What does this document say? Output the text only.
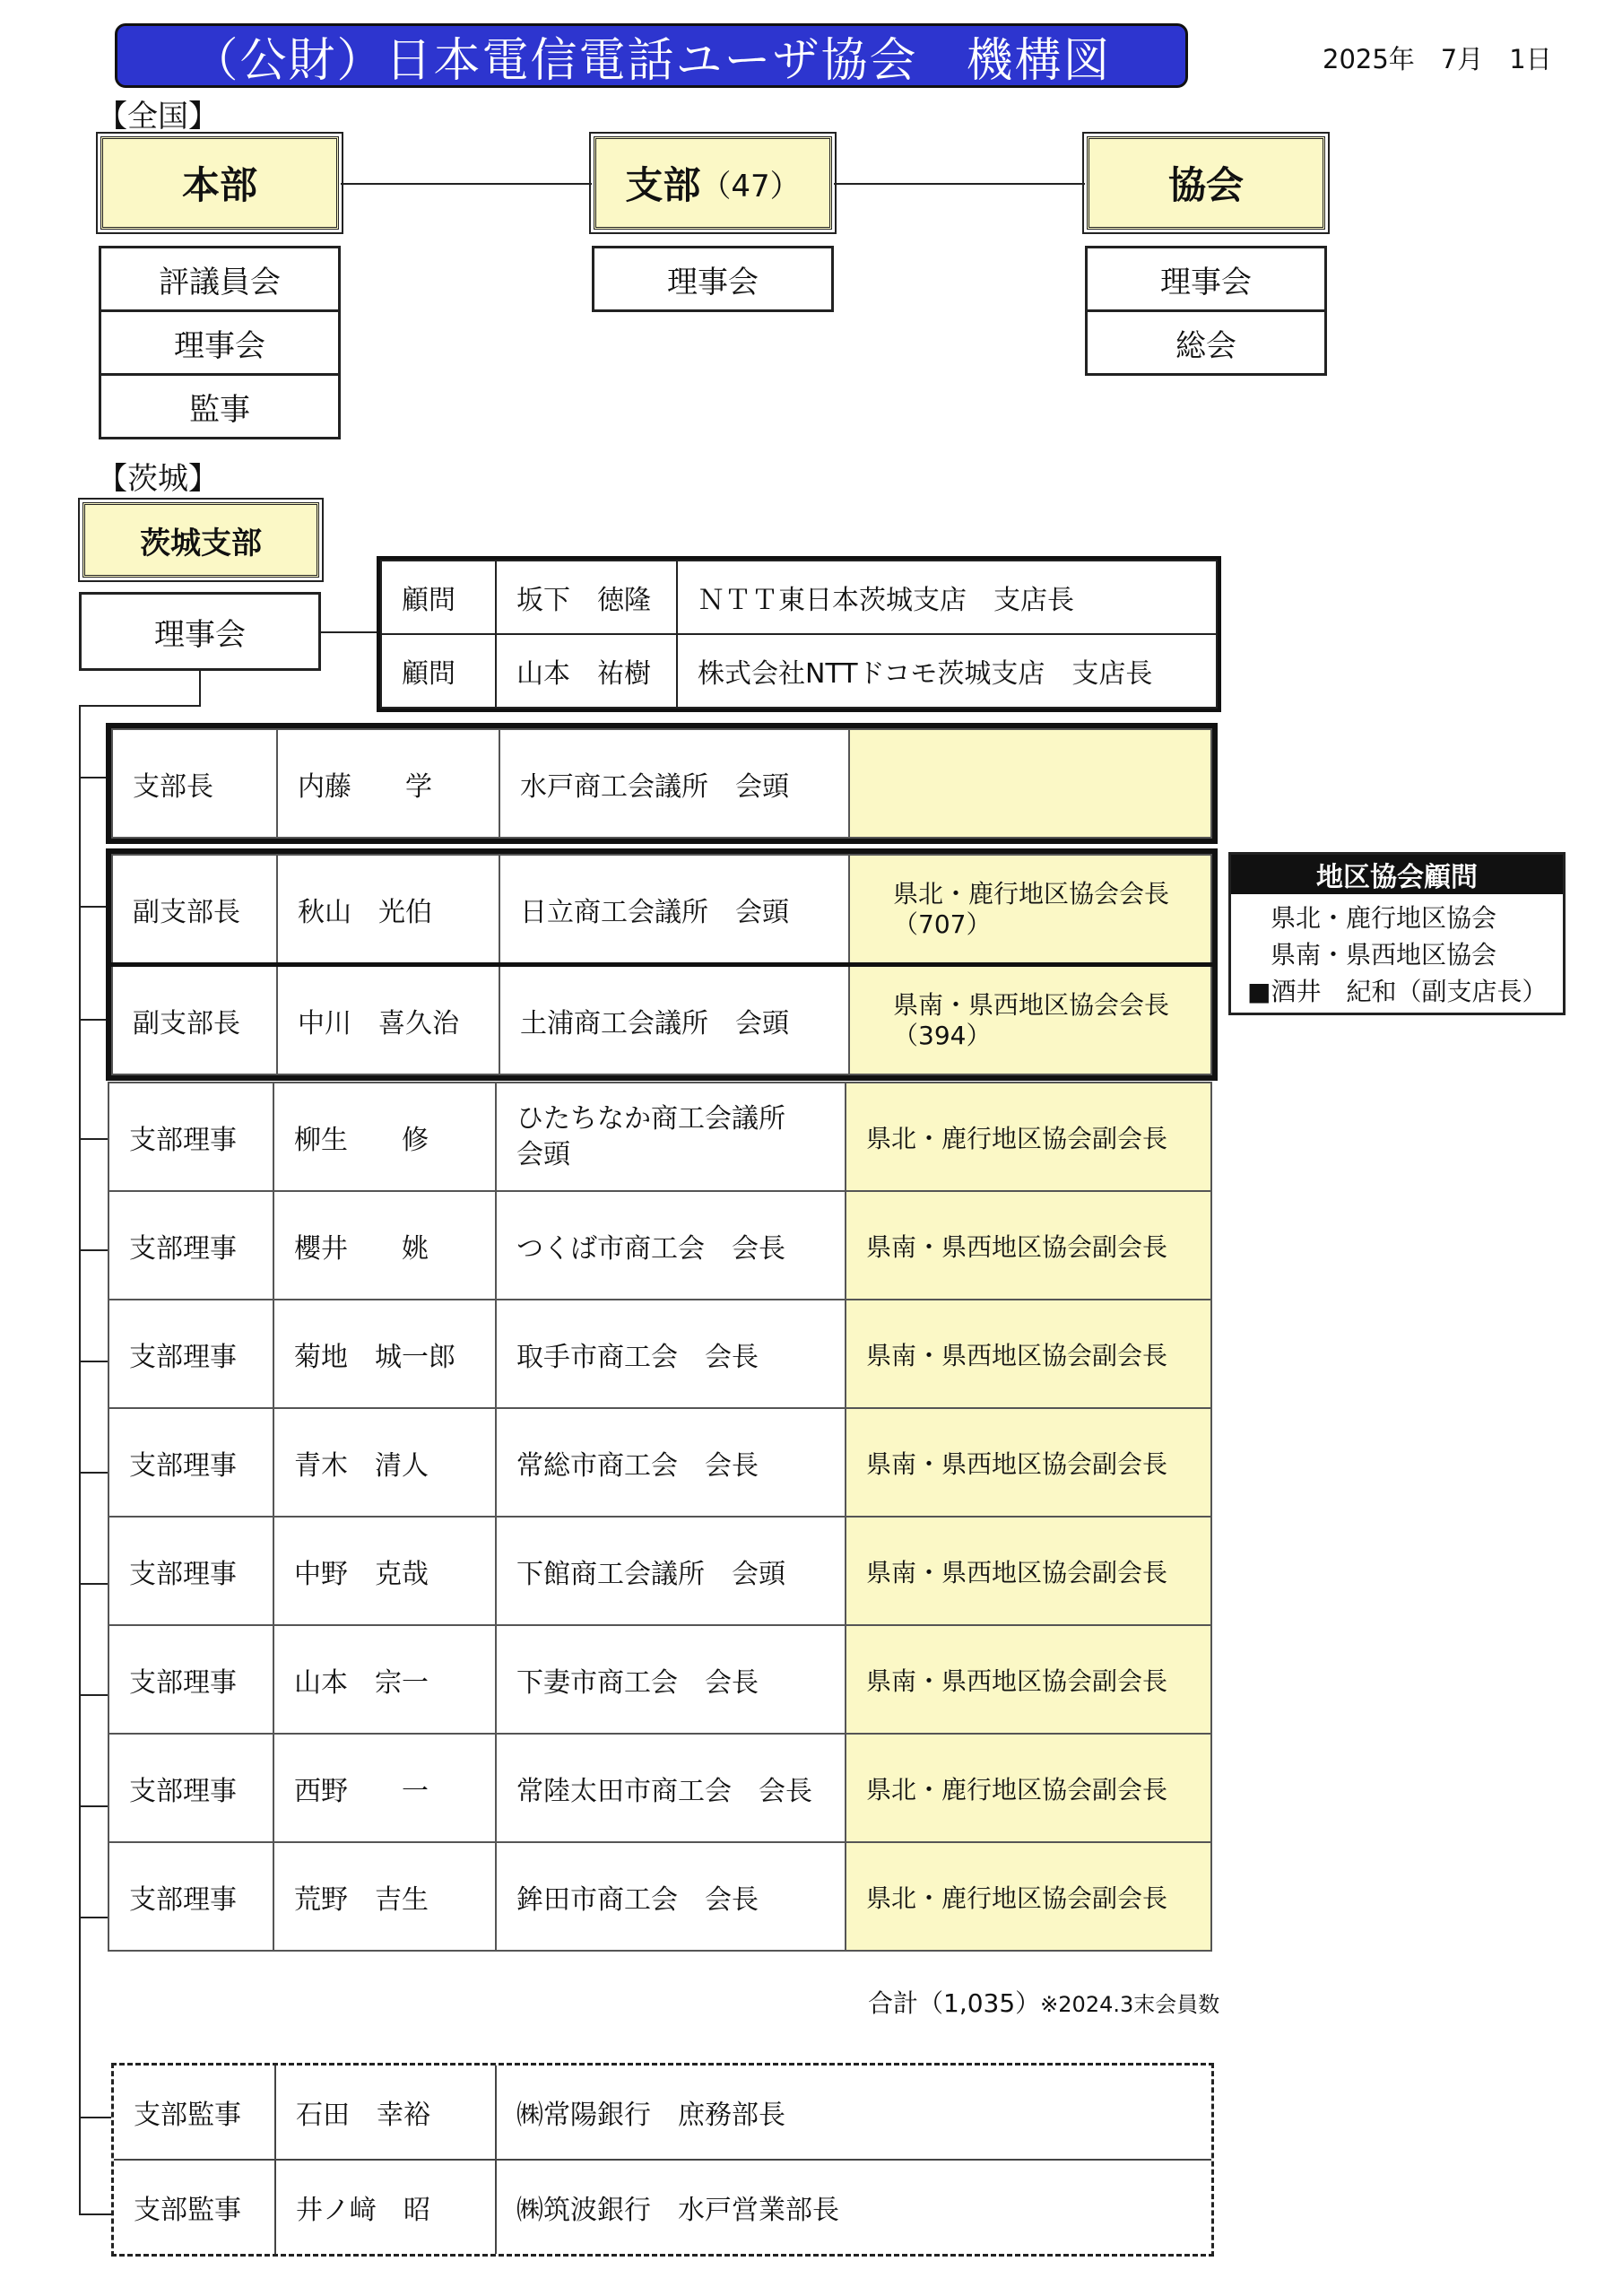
（公財）日本電信電話ユーザ協会　機構図	2025年　7月　1日
【全国】
本部
評議員会
理事会
監事
支部 （47）
理事会
協会
理事会
総会
【茨城】
茨城支部
理事会
顧問	坂下　徳隆	ＮＴＴ東日本茨城支店　支店長
顧問	山本　祐樹	株式会社NTTドコモ茨城支店　支店長
支部長	内藤　　学	水戸商工会議所　会頭	
副支部長	秋山　光伯	日立商工会議所　会頭	県北・鹿行地区協会会長
（707）

副支部長	中川　喜久治	土浦商工会議所　会頭	県南・県西地区協会会長
（394）
支部理事	柳生　　修	ひたちなか商工会議所
会頭	県北・鹿行地区協会副会長
支部理事	櫻井　　姚	つくば市商工会　会長	県南・県西地区協会副会長
支部理事	菊地　城一郎	取手市商工会　会長	県南・県西地区協会副会長
支部理事	青木　清人	常総市商工会　会長	県南・県西地区協会副会長
支部理事	中野　克哉	下館商工会議所　会頭	県南・県西地区協会副会長
支部理事	山本　宗一	下妻市商工会　会長	県南・県西地区協会副会長
支部理事	西野　　一	常陸太田市商工会　会長	県北・鹿行地区協会副会長
支部理事	荒野　吉生	鉾田市商工会　会長	県北・鹿行地区協会副会長
合計（1,035）※2024.3末会員数
地区協会顧問
県北・鹿行地区協会
県南・県西地区協会
■酒井　紀和（副支店長）
支部監事	石田　幸裕	㈱常陽銀行　庶務部長
支部監事	井ノ﨑　昭	㈱筑波銀行　水戸営業部長
